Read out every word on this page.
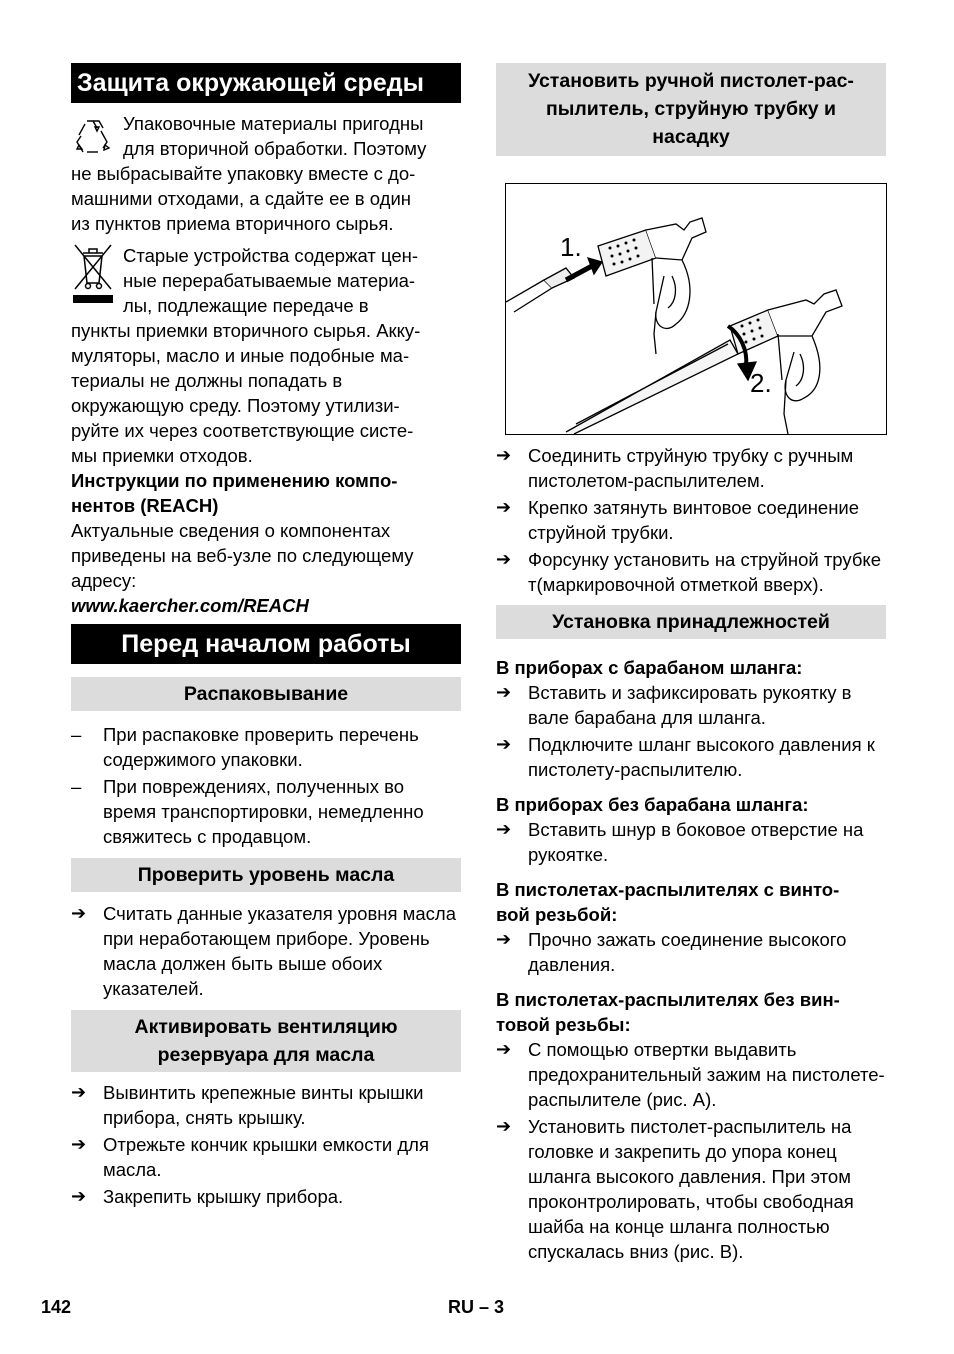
Защита окружающей среды

Упаковочные материалы пригодны

для вторичной обработки. Поэтому

не выбрасывайте упаковку вместе с до-

машними отходами, а сдайте ее в один

из пунктов приема вторичного сырья.

Старые устройства содержат цен-

ные перерабатываемые материа-

лы, подлежащие передаче в

пункты приемки вторичного сырья. Акку-

муляторы, масло и иные подобные ма-

териалы не должны попадать в

окружающую среду. Поэтому утилизи-

руйте их через соответствующие систе-

мы приемки отходов.

Инструкции по применению компо-

нентов (REACH)

Актуальные сведения о компонентах

приведены на веб-узле по следующему

адресу:

www.kaercher.com/REACH

Перед началом работы
Распаковывание
–	При распаковке проверить перечень содержимого упаковки.
–	При повреждениях, полученных во время транспортировки, немедленно свяжитесь с продавцом.
Проверить уровень масла
➔ Считать данные указателя уровня масла при неработающем приборе. Уровень масла должен быть выше обоих указателей.
Активировать вентиляцию
резервуара для масла
➔ Вывинтить крепежные винты крышки прибора, снять крышку.
➔ Отрежьте кончик крышки емкости для масла.
➔ Закрепить крышку прибора.
Установить ручной пистолет-рас-
пылитель, струйную трубку и
насадку
1.
2.
➔ Соединить струйную трубку с ручным пистолетом-распылителем.
➔ Крепко затянуть винтовое соединение струйной трубки.
➔ Форсунку установить на струйной трубке т(маркировочной отметкой вверх).
Установка принадлежностей

В приборах с барабаном шланга:

➔ Вставить и зафиксировать рукоятку в вале барабана для шланга.
➔ Подключите шланг высокого давления к пистолету-распылителю.

В приборах без барабана шланга:

➔ Вставить шнур в боковое отверстие на рукоятке.

В пистолетах-распылителях с винто-

вой резьбой:

➔ Прочно зажать соединение высокого давления.

В пистолетах-распылителях без вин-

товой резьбы:

➔ С помощью отвертки выдавить предохранительный зажим на пистолете-распылителе (рис. A).
➔ Установить пистолет-распылитель на головке и закрепить до упора конец шланга высокого давления. При этом проконтролировать, чтобы свободная шайба на конце шланга полностью спускалась вниз (рис. B).
142	RU – 3
